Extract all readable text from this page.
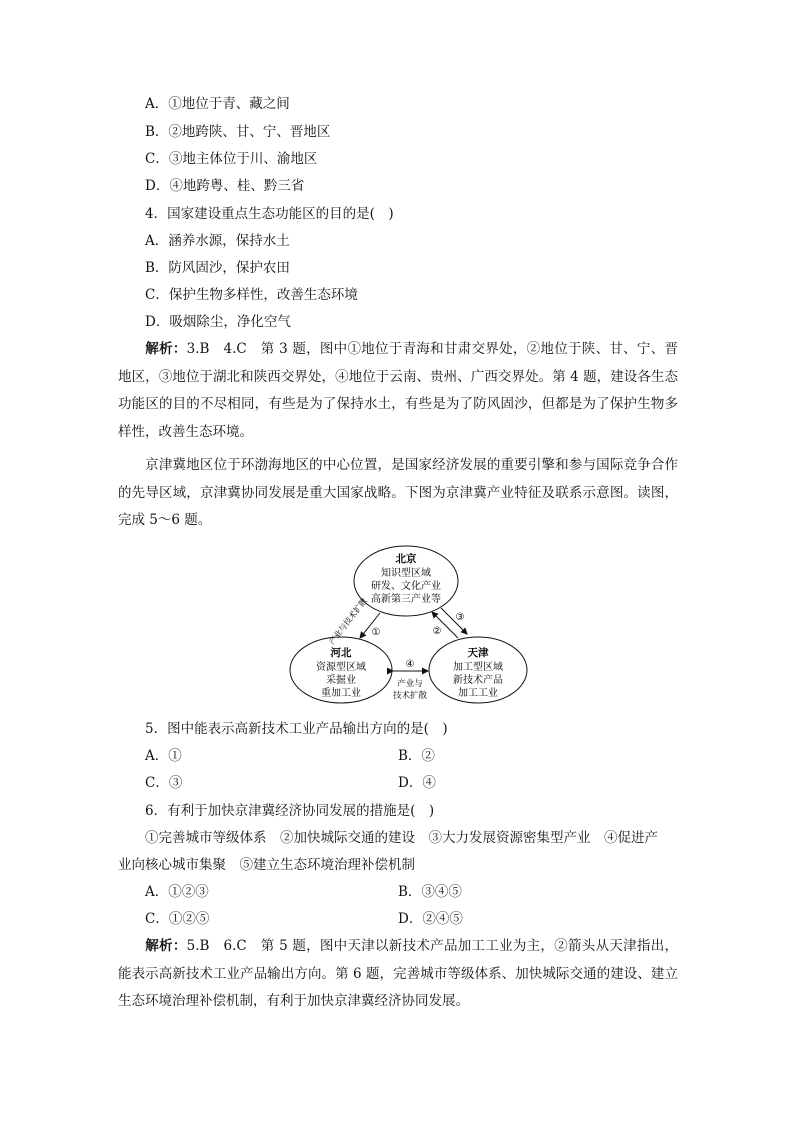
A．①地位于青、藏之间
B．②地跨陕、甘、宁、晋地区
C．③地主体位于川、渝地区
D．④地跨粤、桂、黔三省
4．国家建设重点生态功能区的目的是(　)
A．涵养水源，保持水土
B．防风固沙，保护农田
C．保护生物多样性，改善生态环境
D．吸烟除尘，净化空气
解析：3.B　4.C　第 3 题，图中①地位于青海和甘肃交界处，②地位于陕、甘、宁、晋地区，③地位于湖北和陕西交界处，④地位于云南、贵州、广西交界处。第 4 题，建设各生态功能区的目的不尽相同，有些是为了保持水土，有些是为了防风固沙，但都是为了保护生物多样性，改善生态环境。
京津冀地区位于环渤海地区的中心位置，是国家经济发展的重要引擎和参与国际竞争合作的先导区域，京津冀协同发展是重大国家战略。下图为京津冀产业特征及联系示意图。读图，完成 5～6 题。
北京
知识型区域
研发、文化产业
高新第三产业等
河北
资源型区域
采掘业
重加工业
天津
加工型区域
新技术产品
加工工业
①
产业与技术扩散	②
③
④
产业与
技术扩散
5．图中能表示高新技术工业产品输出方向的是(　)
A．①	B．②
C．③	D．④
6．有利于加快京津冀经济协同发展的措施是(　)
①完善城市等级体系　②加快城际交通的建设　③大力发展资源密集型产业　④促进产
业向核心城市集聚　⑤建立生态环境治理补偿机制
A．①②③	B．③④⑤
C．①②⑤	D．②④⑤
解析：5.B　6.C　第 5 题，图中天津以新技术产品加工工业为主，②箭头从天津指出，能表示高新技术工业产品输出方向。第 6 题，完善城市等级体系、加快城际交通的建设、建立生态环境治理补偿机制，有利于加快京津冀经济协同发展。
